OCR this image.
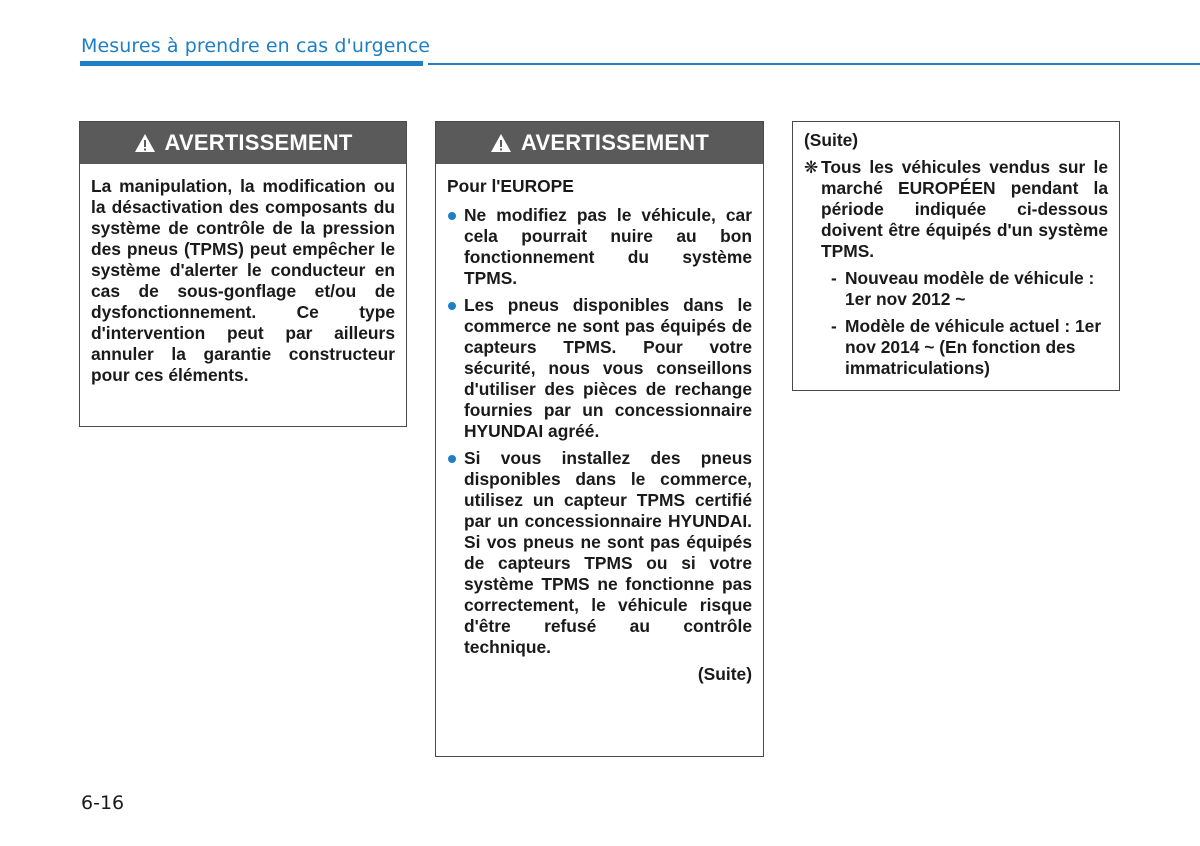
Mesures à prendre en cas d'urgence
AVERTISSEMENT
La manipulation, la modification ou la désactivation des composants du système de contrôle de la pression des pneus (TPMS) peut empêcher le système d'alerter le conducteur en cas de sous-gonflage et/ou de dysfonctionnement. Ce type d'intervention peut par ailleurs annuler la garantie constructeur pour ces éléments.
AVERTISSEMENT
Pour l'EUROPE
Ne modifiez pas le véhicule, car cela pourrait nuire au bon fonctionnement du système TPMS.
Les pneus disponibles dans le commerce ne sont pas équipés de capteurs TPMS. Pour votre sécurité, nous vous conseillons d'utiliser des pièces de rechange fournies par un concessionnaire HYUNDAI agréé.
Si vous installez des pneus disponibles dans le commerce, utilisez un capteur TPMS certifié par un concessionnaire HYUNDAI. Si vos pneus ne sont pas équipés de capteurs TPMS ou si votre système TPMS ne fonctionne pas correctement, le véhicule risque d'être refusé au contrôle technique.
(Suite)
(Suite)
❋ Tous les véhicules vendus sur le marché EUROPÉEN pendant la période indiquée ci-dessous doivent être équipés d'un système TPMS.
- Nouveau modèle de véhicule : 1er nov 2012 ~
- Modèle de véhicule actuel : 1er nov 2014 ~ (En fonction des immatriculations)
6-16
